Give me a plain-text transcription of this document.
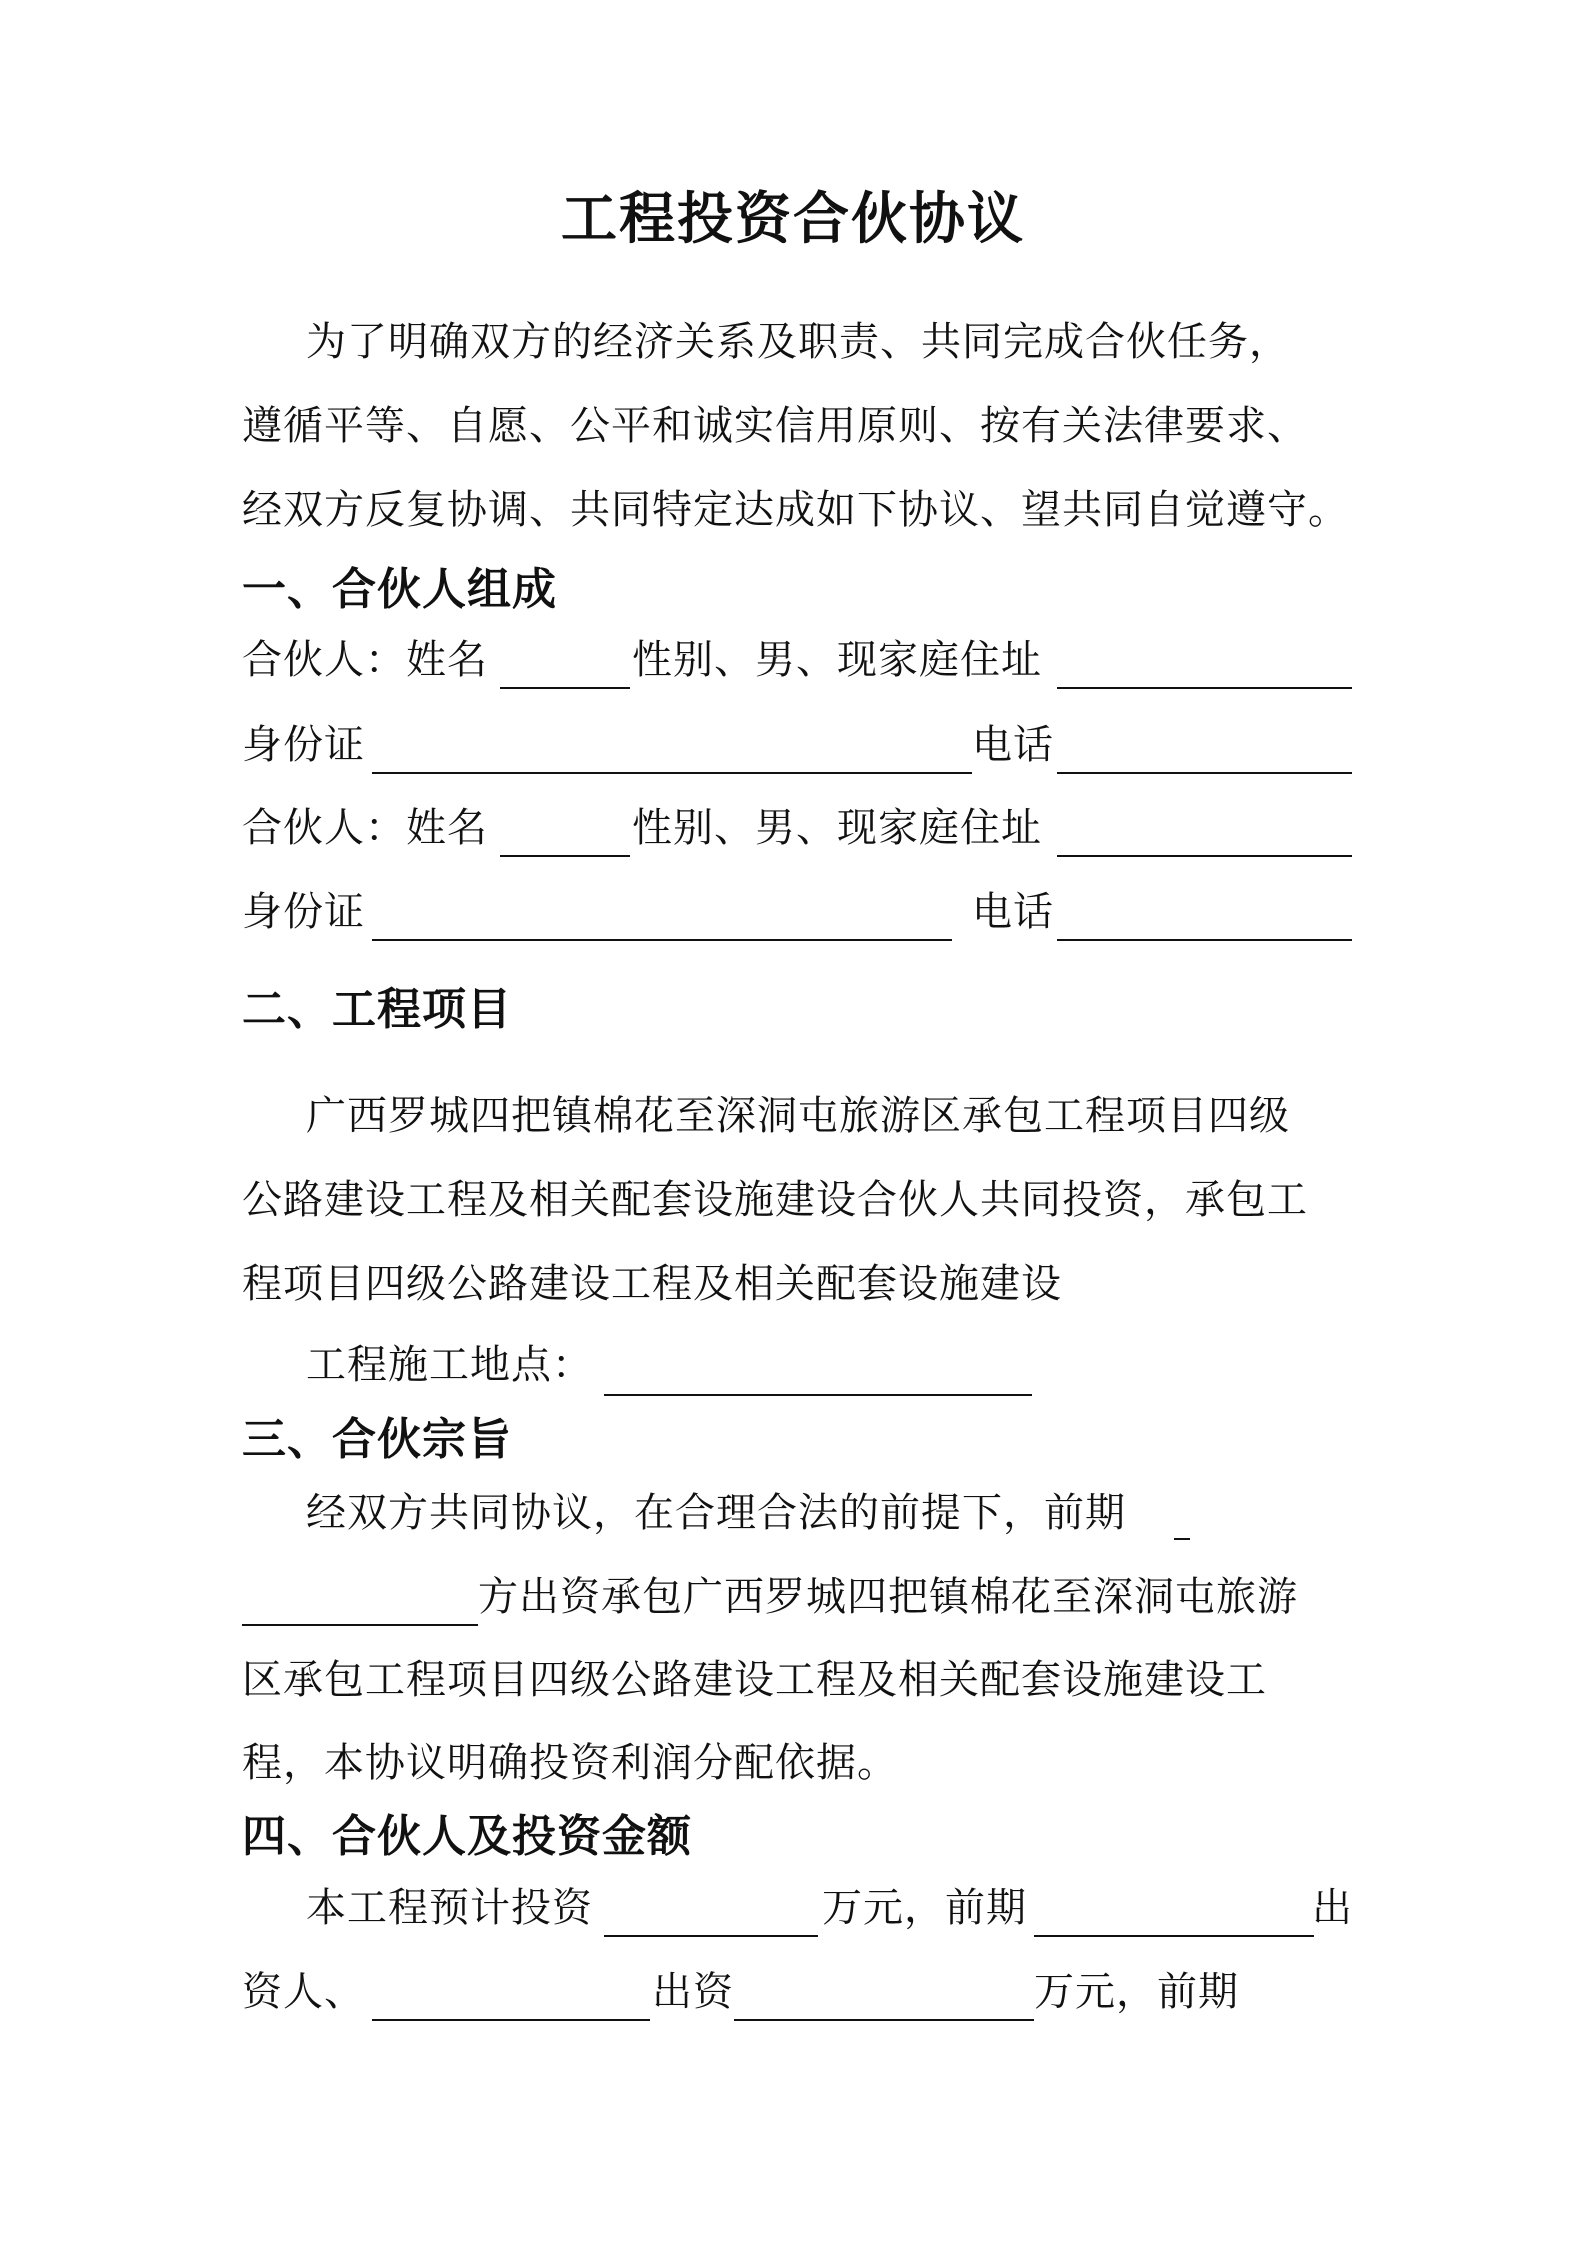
工程投资合伙协议
为了明确双方的经济关系及职责、共同完成合伙任务，
遵循平等、自愿、公平和诚实信用原则、按有关法律要求、
经双方反复协调、共同特定达成如下协议、望共同自觉遵守。
一、合伙人组成
合伙人：姓名	性别、男、现家庭住址
身份证	电话
合伙人：姓名	性别、男、现家庭住址
身份证	电话
二、工程项目
广西罗城四把镇棉花至深洞屯旅游区承包工程项目四级
公路建设工程及相关配套设施建设合伙人共同投资，承包工
程项目四级公路建设工程及相关配套设施建设
工程施工地点：
三、合伙宗旨
经双方共同协议，在合理合法的前提下，前期
方出资承包广西罗城四把镇棉花至深洞屯旅游
区承包工程项目四级公路建设工程及相关配套设施建设工
程，本协议明确投资利润分配依据。
四、合伙人及投资金额
本工程预计投资	万元，前期	出
资人、	出资	万元，前期
